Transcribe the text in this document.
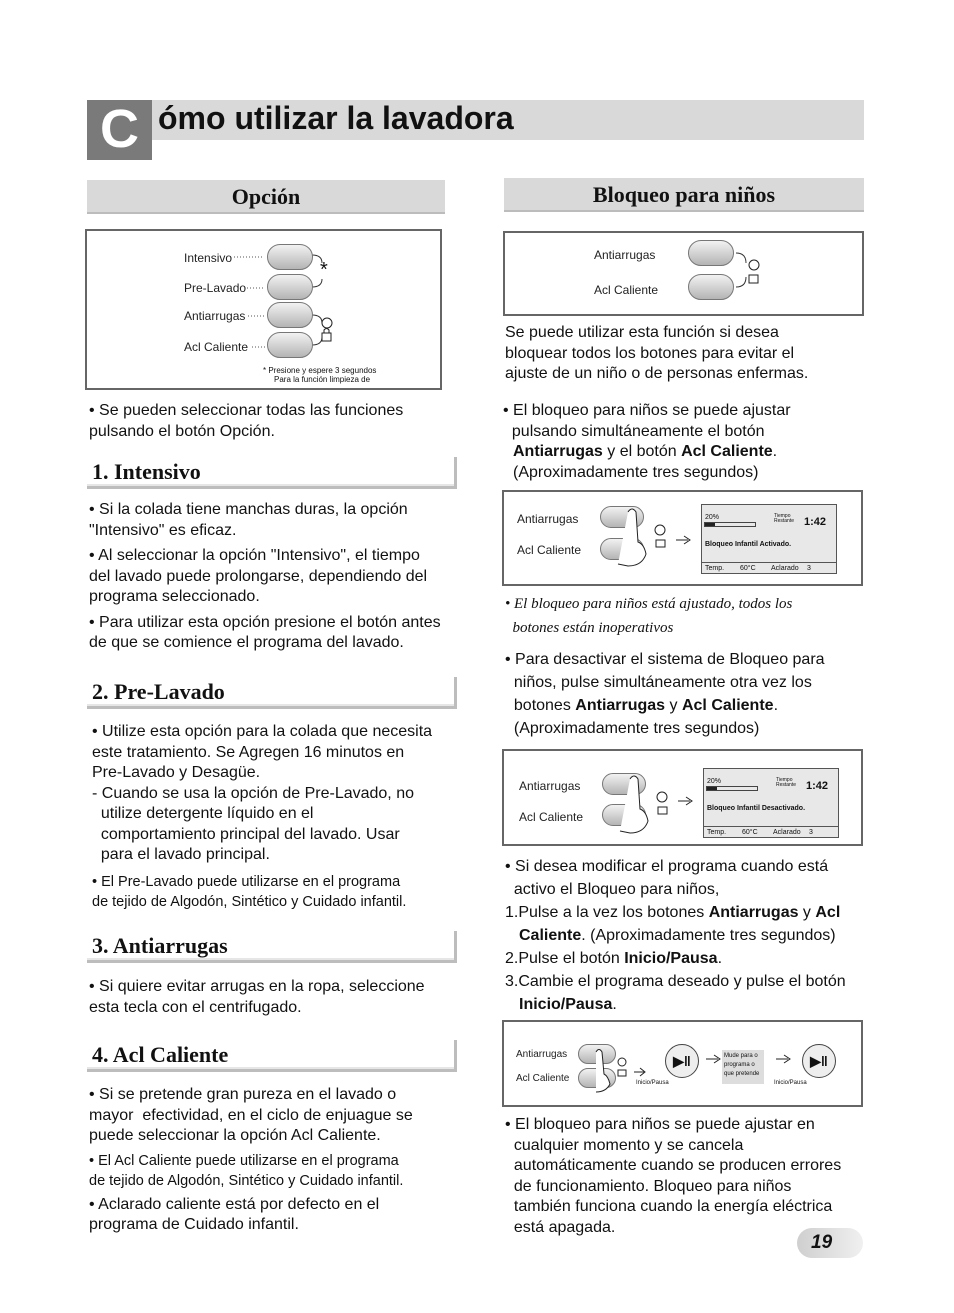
C ómo utilizar la lavadora
Opción
Intensivo
Pre-Lavado
Antiarrugas
Acl Caliente
*
* Presione y espere 3 segundos
Para la función limpieza de
• Se pueden seleccionar todas las funciones
pulsando el botón Opción.
1. Intensivo
• Si la colada tiene manchas duras, la opción
"Intensivo" es eficaz.
• Al seleccionar la opción "Intensivo", el tiempo
del lavado puede prolongarse, dependiendo del
programa seleccionado.
• Para utilizar esta opción presione el botón antes
de que se comience el programa del lavado.
2. Pre-Lavado
• Utilize esta opción para la colada que necesita
este tratamiento. Se Agregen 16 minutos en
Pre-Lavado y Desagüe.
- Cuando se usa la opción de Pre-Lavado, no
utilize detergente líquido en el
comportamiento principal del lavado. Usar
para el lavado principal.
• El Pre-Lavado puede utilizarse en el programa
de tejido de Algodón, Sintético y Cuidado infantil.
3. Antiarrugas
• Si quiere evitar arrugas en la ropa, seleccione
esta tecla con el centrifugado.
4. Acl Caliente
• Si se pretende gran pureza en el lavado o
mayor  efectividad, en el ciclo de enjuague se
puede seleccionar la opción Acl Caliente.
• El Acl Caliente puede utilizarse en el programa
de tejido de Algodón, Sintético y Cuidado infantil.
• Aclarado caliente está por defecto en el
programa de Cuidado infantil.
Bloqueo para niños
Antiarrugas
Acl Caliente
Se puede utilizar esta función si desea
bloquear todos los botones para evitar el
ajuste de un niño o de personas enfermas.
• El bloqueo para niños se puede ajustar
pulsando simultáneamente el botón
Antiarrugas y el botón Acl Caliente.
(Aproximadamente tres segundos)
Antiarrugas
Acl Caliente
20%	Tiempo
Restante 1:42
Bloqueo Infantil Activado.
Temp. 60°C Aclarado 3
• El bloqueo para niños está ajustado, todos los
botones están inoperativos
• Para desactivar el sistema de Bloqueo para
niños, pulse simultáneamente otra vez los
botones Antiarrugas y Acl Caliente.
(Aproximadamente tres segundos)
Antiarrugas
Acl Caliente
20%	Tiempo
Restante 1:42
Bloqueo Infantil Desactivado.
Temp. 60°C Aclarado 3
• Si desea modificar el programa cuando está
activo el Bloqueo para niños,
1.Pulse a la vez los botones Antiarrugas y Acl
Caliente. (Aproximadamente tres segundos)
2.Pulse el botón Inicio/Pausa.
3.Cambie el programa deseado y pulse el botón
Inicio/Pausa.
Antiarrugas
Acl Caliente
▶ǁ
Inicio/Pausa
Mude para o
programa o
que pretende
▶ǁ
Inicio/Pausa
• El bloqueo para niños se puede ajustar en
cualquier momento y se cancela
automáticamente cuando se producen errores
de funcionamiento. Bloqueo para niños
también funciona cuando la energía eléctrica
está apagada.
19
